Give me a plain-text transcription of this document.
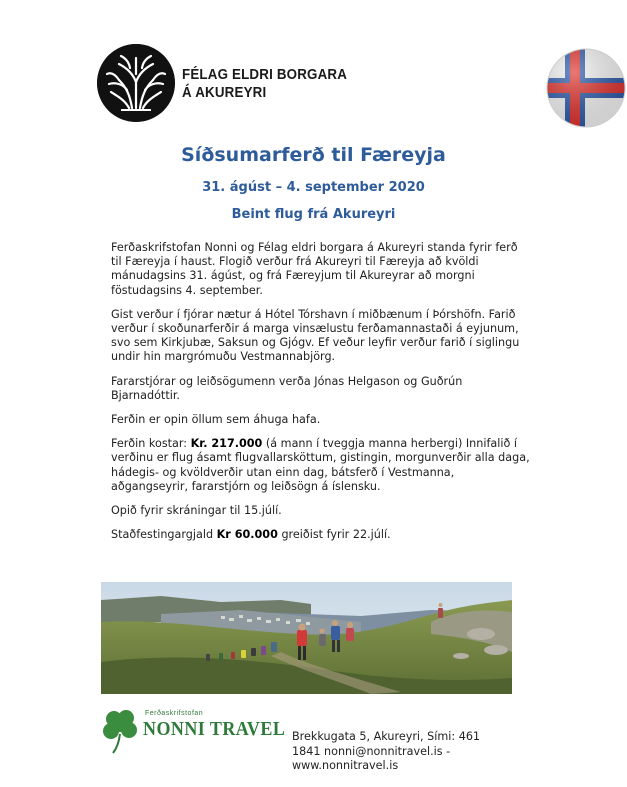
FÉLAG ELDRI BORGARA
Á AKUREYRI
Síðsumarferð til Færeyja
31. ágúst – 4. september 2020
Beint flug frá Akureyri

Ferðaskrifstofan Nonni og Félag eldri borgara á Akureyri standa fyrir ferð til Færeyja í haust. Flogið verður frá Akureyri til Færeyja að kvöldi mánudagsins 31. ágúst, og frá Færeyjum til Akureyrar að morgni föstudagsins 4. september.

Gist verður í fjórar nætur á Hótel Tórshavn í miðbænum í Þórshöfn. Farið verður í skoðunarferðir á marga vinsælustu ferðamannastaði á eyjunum, svo sem Kirkjubæ, Saksun og Gjógv. Ef veður leyfir verður farið í siglingu undir hin margrómuðu Vestmannabjörg.

Fararstjórar og leiðsögumenn verða Jónas Helgason og Guðrún Bjarnadóttir.

Ferðin er opin öllum sem áhuga hafa.

Ferðin kostar: Kr. 217.000 (á mann í tveggja manna herbergi) Innifalið í verðinu er flug ásamt flugvallarsköttum, gistingin, morgunverðir alla daga, hádegis- og kvöldverðir utan einn dag, bátsferð í Vestmanna, aðgangseyrir, fararstjórn og leiðsögn á íslensku.

Opið fyrir skráningar til 15.júlí.

Staðfestingargjald Kr 60.000 greiðist fyrir 22.júlí.

Ferðaskrifstofan
NONNI TRAVEL Brekkugata 5, Akureyri, Sími: 461 1841 nonni@nonnitravel.is - www.nonnitravel.is
